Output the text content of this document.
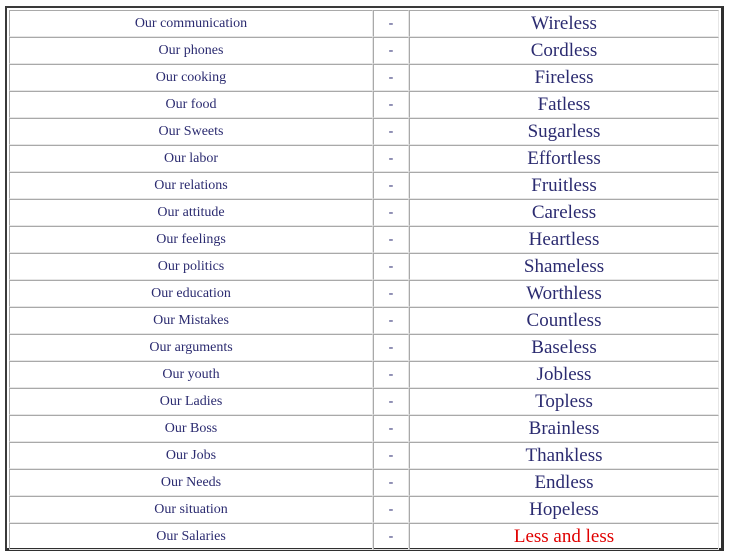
Our communication	-	Wireless
Our phones	-	Cordless
Our cooking	-	Fireless
Our food	-	Fatless
Our Sweets	-	Sugarless
Our labor	-	Effortless
Our relations	-	Fruitless
Our attitude	-	Careless
Our feelings	-	Heartless
Our politics	-	Shameless
Our education	-	Worthless
Our Mistakes	-	Countless
Our arguments	-	Baseless
Our youth	-	Jobless
Our Ladies	-	Topless
Our Boss	-	Brainless
Our Jobs	-	Thankless
Our Needs	-	Endless
Our situation	-	Hopeless
Our Salaries	-	Less and less
